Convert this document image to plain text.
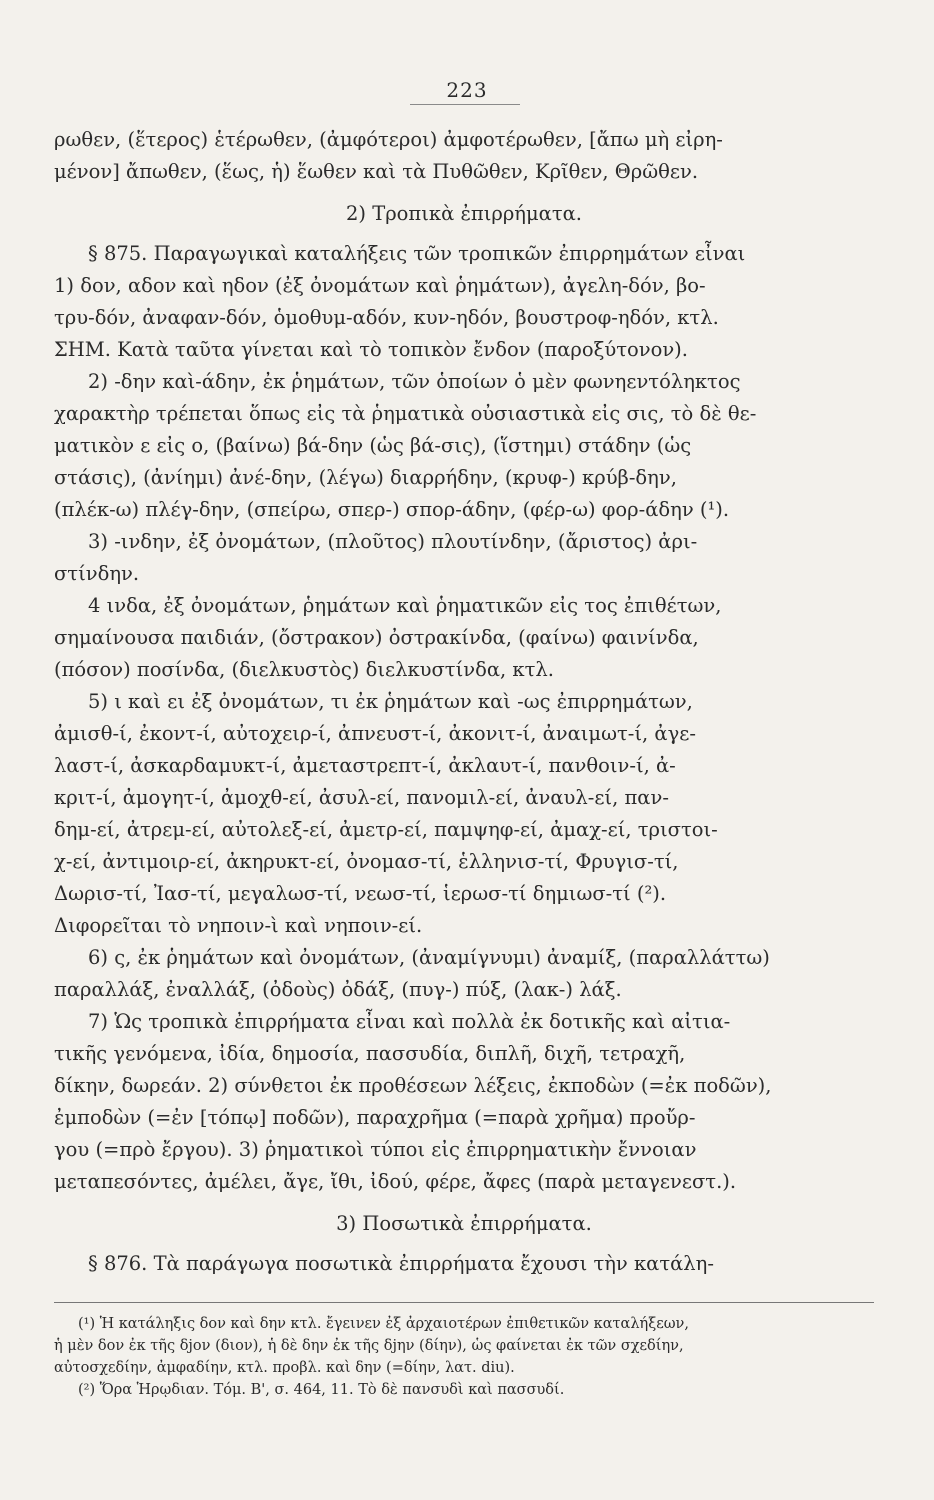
223

ρωθεν, (ἕτερος) ἑτέρωθεν, (ἀμφότεροι) ἀμφοτέρωθεν, [ἄπω μὴ εἰρη-

μένον] ἄπωθεν, (ἕως, ἡ) ἕωθεν καὶ τὰ Πυθῶθεν, Κρῖθεν, Θρῶθεν.

2) Τροπικὰ ἐπιρρήματα.

§ 875. Παραγωγικαὶ καταλήξεις τῶν τροπικῶν ἐπιρρημάτων εἶναι

1) δον, αδον καὶ ηδον (ἐξ ὀνομάτων καὶ ῥημάτων), ἀγελη-δόν, βο-

τρυ-δόν, ἀναφαν-δόν, ὁμοθυμ-αδόν, κυν-ηδόν, βουστροφ-ηδόν, κτλ.

ΣΗΜ. Κατὰ ταῦτα γίνεται καὶ τὸ τοπικὸν ἔνδον (παροξύτονον).

2) -δην καὶ-άδην, ἐκ ῥημάτων, τῶν ὁποίων ὁ μὲν φωνηεντόληκτος

χαρακτὴρ τρέπεται ὅπως εἰς τὰ ῥηματικὰ οὐσιαστικὰ εἰς σις, τὸ δὲ θε-

ματικὸν ε εἰς ο, (βαίνω) βά-δην (ὡς βά-σις), (ἵστημι) στάδην (ὡς

στάσις), (ἀνίημι) ἀνέ-δην, (λέγω) διαρρήδην, (κρυφ-) κρύβ-δην,

(πλέκ-ω) πλέγ-δην, (σπείρω, σπερ-) σπορ-άδην, (φέρ-ω) φορ-άδην (¹).

3) -ινδην, ἐξ ὀνομάτων, (πλοῦτος) πλουτίνδην, (ἄριστος) ἀρι-

στίνδην.

4 ινδα, ἐξ ὀνομάτων, ῥημάτων καὶ ῥηματικῶν εἰς τος ἐπιθέτων,

σημαίνουσα παιδιάν, (ὄστρακον) ὀστρακίνδα, (φαίνω) φαινίνδα,

(πόσον) ποσίνδα, (διελκυστὸς) διελκυστίνδα, κτλ.

5) ι καὶ ει ἐξ ὀνομάτων, τι ἐκ ῥημάτων καὶ -ως ἐπιρρημάτων,

ἀμισθ-ί, ἐκοντ-ί, αὐτοχειρ-ί, ἀπνευστ-ί, ἀκονιτ-ί, ἀναιμωτ-ί, ἀγε-

λαστ-ί, ἀσκαρδαμυκτ-ί, ἀμεταστρεπτ-ί, ἀκλαυτ-ί, πανθοιν-ί, ἀ-

κριτ-ί, ἀμογητ-ί, ἀμοχθ-εί, ἀσυλ-εί, πανομιλ-εί, ἀναυλ-εί, παν-

δημ-εί, ἀτρεμ-εί, αὐτολεξ-εί, ἀμετρ-εί, παμψηφ-εί, ἀμαχ-εί, τριστοι-

χ-εί, ἀντιμοιρ-εί, ἀκηρυκτ-εί, ὀνομασ-τί, ἑλληνισ-τί, Φρυγισ-τί,

Δωρισ-τί, Ἰασ-τί, μεγαλωσ-τί, νεωσ-τί, ἱερωσ-τί δημιωσ-τί (²).

Διφορεῖται τὸ νηποιν-ὶ καὶ νηποιν-εί.

6) ς, ἐκ ῥημάτων καὶ ὀνομάτων, (ἀναμίγνυμι) ἀναμίξ, (παραλλάττω)

παραλλάξ, ἐναλλάξ, (ὀδοὺς) ὀδάξ, (πυγ-) πύξ, (λακ-) λάξ.

7) Ὡς τροπικὰ ἐπιρρήματα εἶναι καὶ πολλὰ ἐκ δοτικῆς καὶ αἰτια-

τικῆς γενόμενα, ἰδία, δημοσία, πασσυδία, διπλῆ, διχῆ, τετραχῆ,

δίκην, δωρεάν. 2) σύνθετοι ἐκ προθέσεων λέξεις, ἐκποδὼν (=ἐκ ποδῶν),

ἐμποδὼν (=ἐν [τόπῳ] ποδῶν), παραχρῆμα (=παρὰ χρῆμα) προὔρ-

γου (=πρὸ ἔργου). 3) ῥηματικοὶ τύποι εἰς ἐπιρρηματικὴν ἔννοιαν

μεταπεσόντες, ἀμέλει, ἄγε, ἴθι, ἰδού, φέρε, ἄφες (παρὰ μεταγενεστ.).

3) Ποσωτικὰ ἐπιρρήματα.

§ 876. Τὰ παράγωγα ποσωτικὰ ἐπιρρήματα ἔχουσι τὴν κατάλη-

(¹) Ἡ κατάληξις δον καὶ δην κτλ. ἔγεινεν ἐξ ἀρχαιοτέρων ἐπιθετικῶν καταλήξεων,

ἡ μὲν δον ἐκ τῆς δjον (διον), ἡ δὲ δην ἐκ τῆς δjην (δίην), ὡς φαίνεται ἐκ τῶν σχεδίην,

αὐτοσχεδίην, ἀμφαδίην, κτλ. προβλ. καὶ δην (=δίην, λατ. diu).

(²) Ὅρα Ἡρῳδιαν. Τόμ. Β', σ. 464, 11. Τὸ δὲ πανσυδὶ καὶ πασσυδί.
